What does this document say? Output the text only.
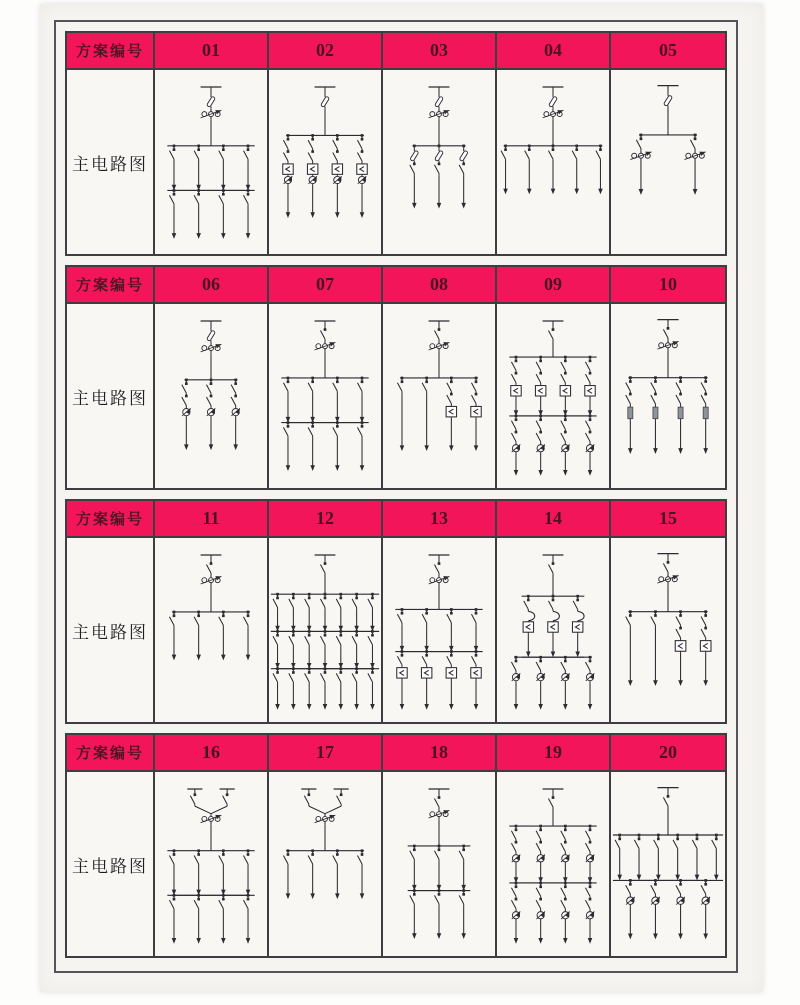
方案编号	01	02	03	04	05
主电路图
方案编号	06	07	08	09	10
主电路图
方案编号	11	12	13	14	15
主电路图
方案编号	16	17	18	19	20
主电路图
